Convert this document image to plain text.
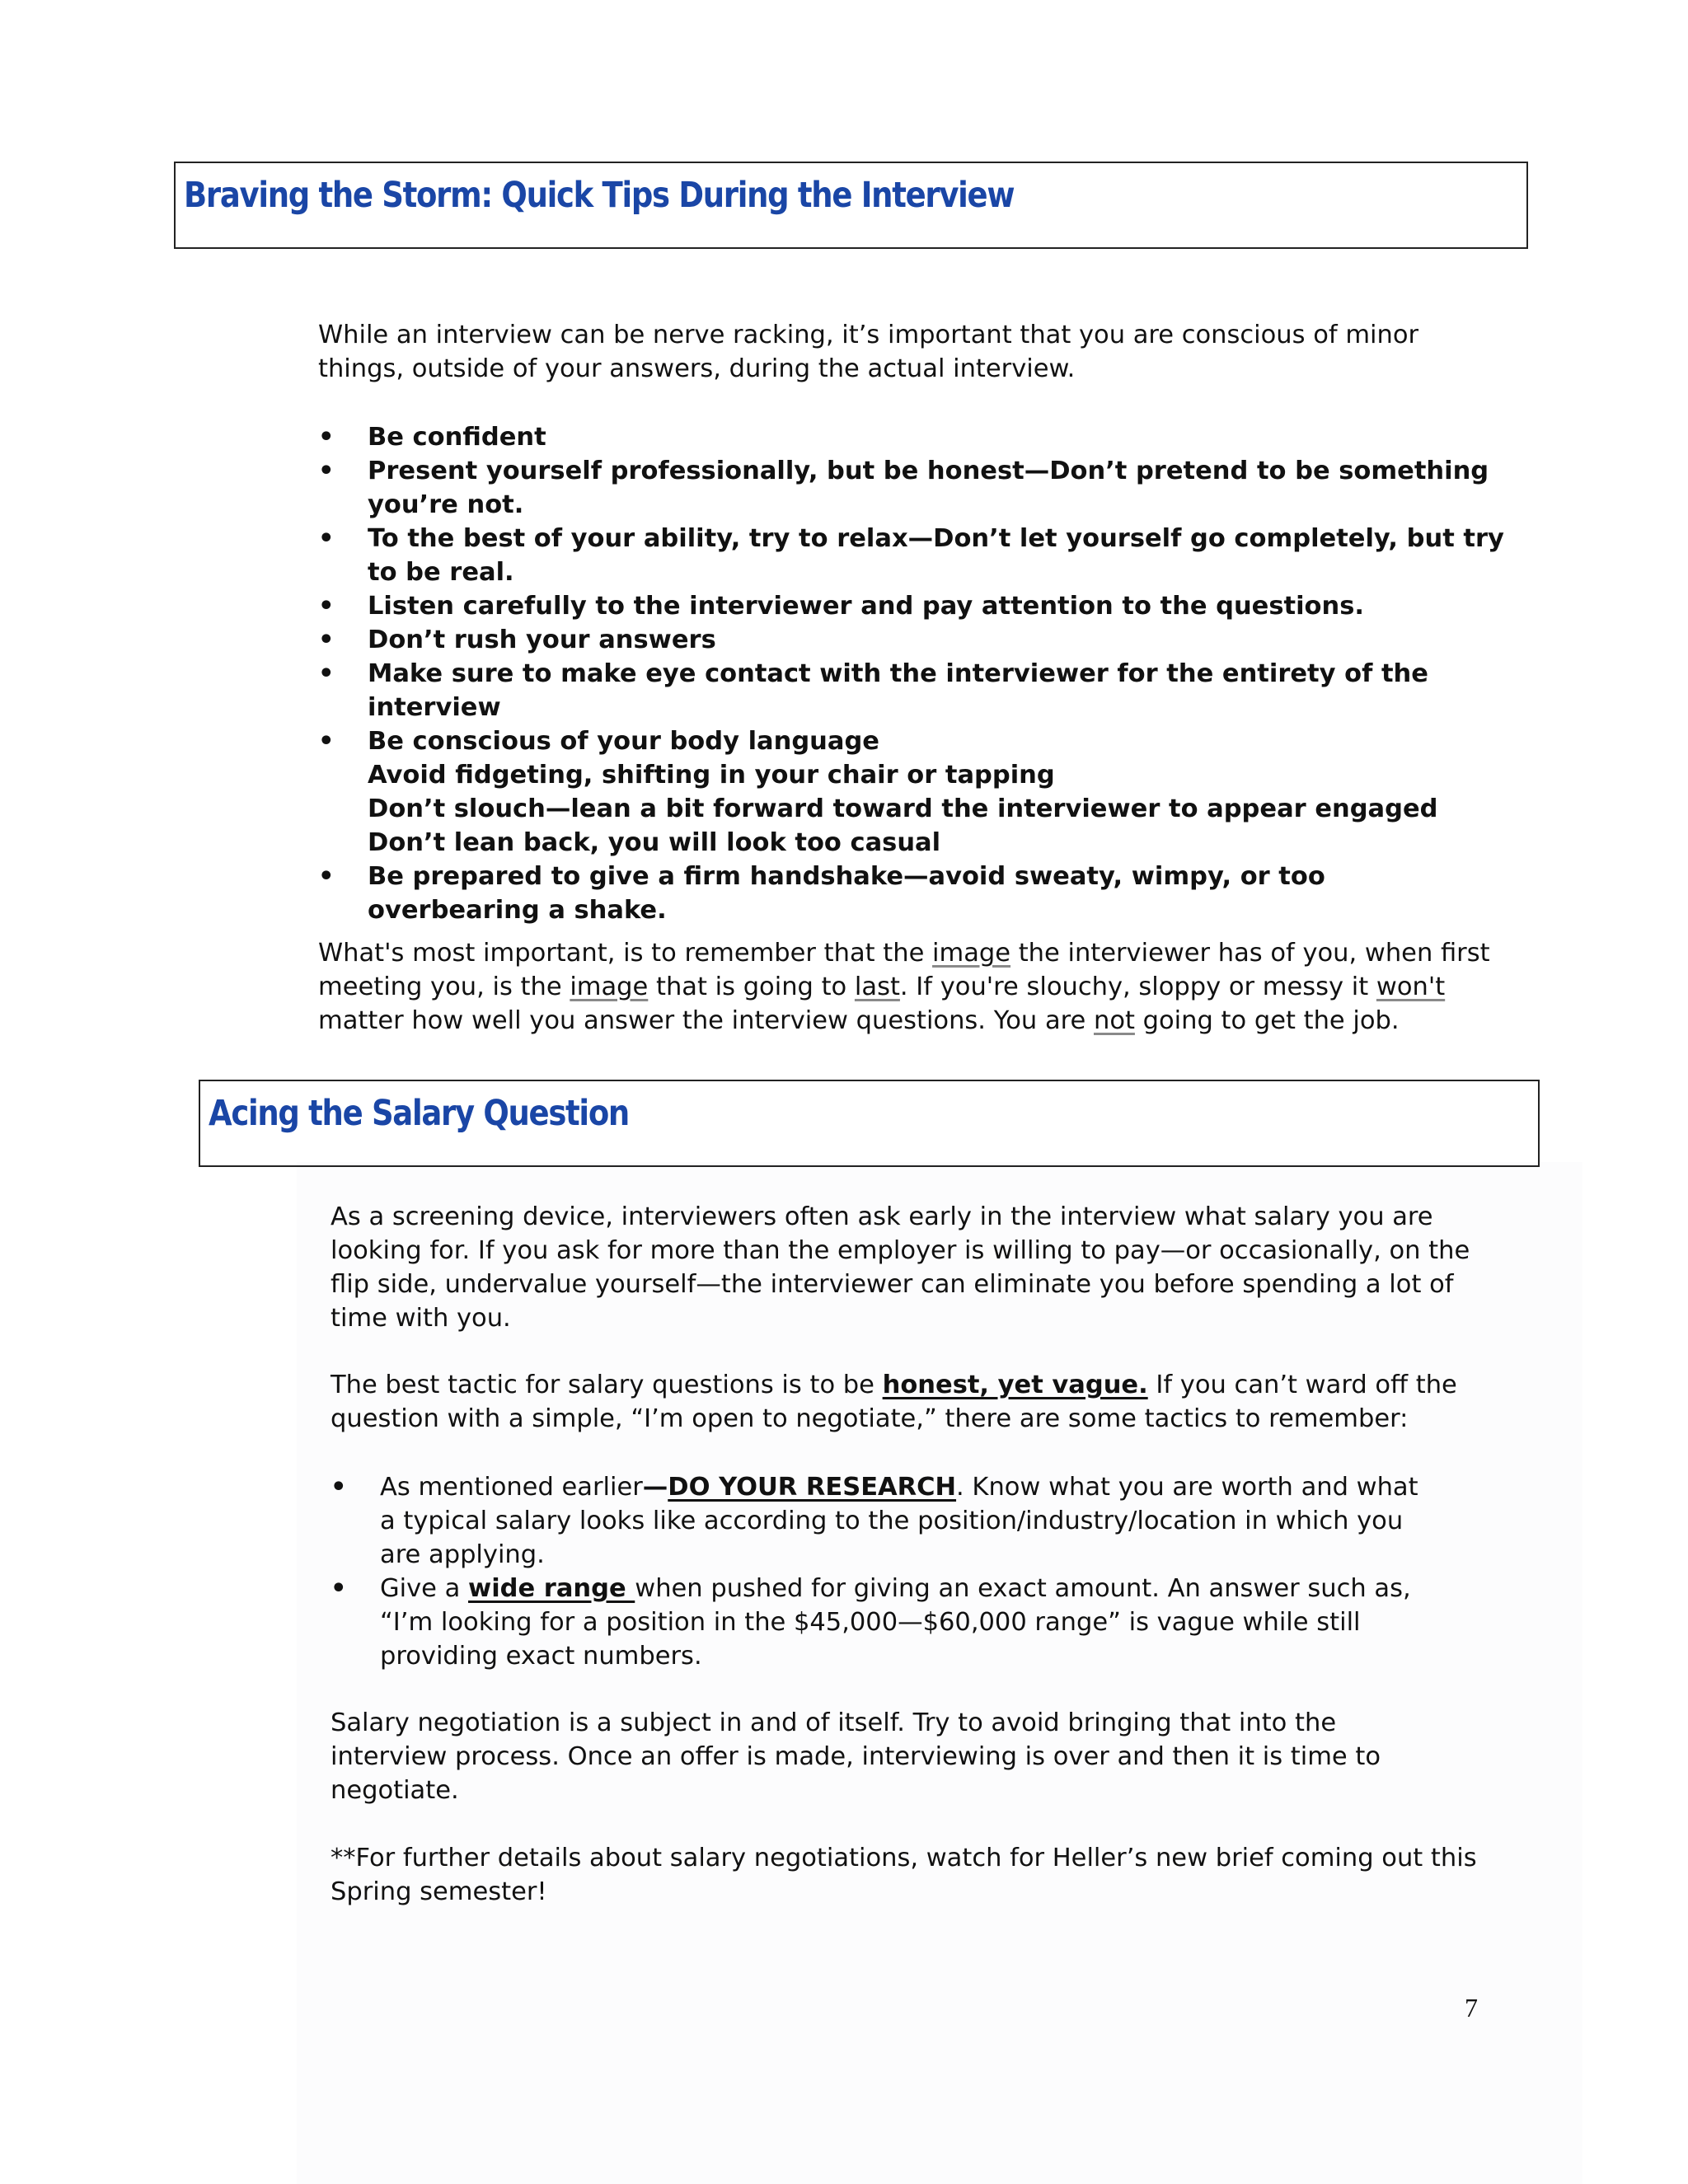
Braving the Storm: Quick Tips During the Interview

While an interview can be nerve racking, it’s important that you are conscious of minor
things, outside of your answers, during the actual interview.

•	Be confident
•	Present yourself professionally, but be honest—Don’t pretend to be something you’re not.
•	To the best of your ability, try to relax—Don’t let yourself go completely, but try to be real.
•	Listen carefully to the interviewer and pay attention to the questions.
•	Don’t rush your answers
•	Make sure to make eye contact with the interviewer for the entirety of the interview
•	Be conscious of your body language
Avoid fidgeting, shifting in your chair or tapping
Don’t slouch—lean a bit forward toward the interviewer to appear engaged
Don’t lean back, you will look too casual
•	Be prepared to give a firm handshake—avoid sweaty, wimpy, or too overbearing a shake.

What's most important, is to remember that the image the interviewer has of you, when first meeting you, is the image that is going to last. If you're slouchy, sloppy or messy it won't matter how well you answer the interview questions. You are not going to get the job.

Acing the Salary Question

As a screening device, interviewers often ask early in the interview what salary you are looking for. If you ask for more than the employer is willing to pay—or occasionally, on the flip side, undervalue yourself—the interviewer can eliminate you before spending a lot of time with you.

The best tactic for salary questions is to be honest, yet vague. If you can’t ward off the question with a simple, “I’m open to negotiate,” there are some tactics to remember:

•	As mentioned earlier—DO YOUR RESEARCH. Know what you are worth and what a typical salary looks like according to the position/industry/location in which you are applying.
•	Give a wide range when pushed for giving an exact amount. An answer such as, “I’m looking for a position in the $45,000—$60,000 range” is vague while still providing exact numbers.

Salary negotiation is a subject in and of itself. Try to avoid bringing that into the interview process. Once an offer is made, interviewing is over and then it is time to negotiate.

**For further details about salary negotiations, watch for Heller’s new brief coming out this Spring semester!

7
